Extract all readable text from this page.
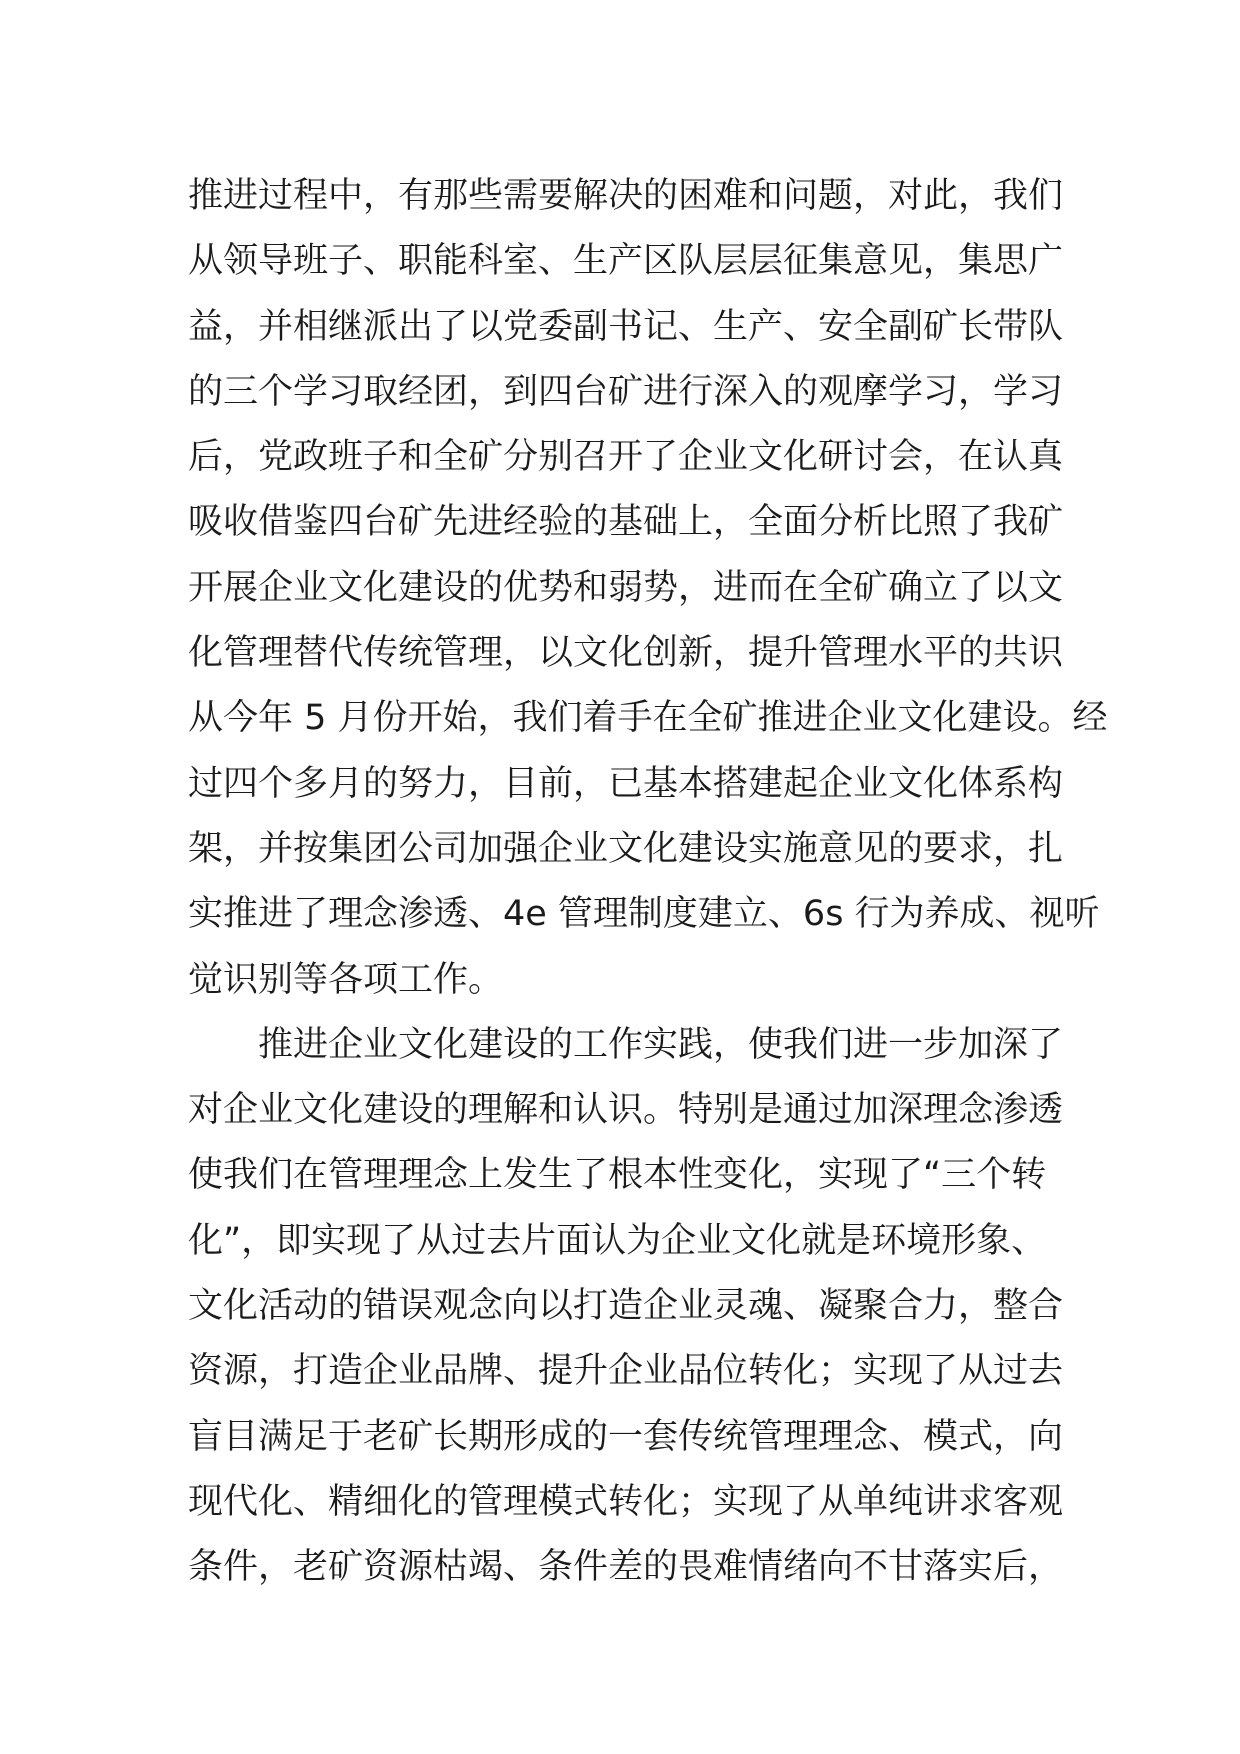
推进过程中，有那些需要解决的困难和问题，对此，我们
从领导班子、职能科室、生产区队层层征集意见，集思广
益，并相继派出了以党委副书记、生产、安全副矿长带队
的三个学习取经团，到四台矿进行深入的观摩学习，学习
后，党政班子和全矿分别召开了企业文化研讨会，在认真
吸收借鉴四台矿先进经验的基础上，全面分析比照了我矿
开展企业文化建设的优势和弱势，进而在全矿确立了以文
化管理替代传统管理，以文化创新，提升管理水平的共识
从今年 5 月份开始，我们着手在全矿推进企业文化建设。经
过四个多月的努力，目前，已基本搭建起企业文化体系构
架，并按集团公司加强企业文化建设实施意见的要求，扎
实推进了理念渗透、4e 管理制度建立、6s 行为养成、视听
觉识别等各项工作。
推进企业文化建设的工作实践，使我们进一步加深了
对企业文化建设的理解和认识。特别是通过加深理念渗透
使我们在管理理念上发生了根本性变化，实现了“三个转
化”，即实现了从过去片面认为企业文化就是环境形象、
文化活动的错误观念向以打造企业灵魂、凝聚合力，整合
资源，打造企业品牌、提升企业品位转化；实现了从过去
盲目满足于老矿长期形成的一套传统管理理念、模式，向
现代化、精细化的管理模式转化；实现了从单纯讲求客观
条件，老矿资源枯竭、条件差的畏难情绪向不甘落实后，
